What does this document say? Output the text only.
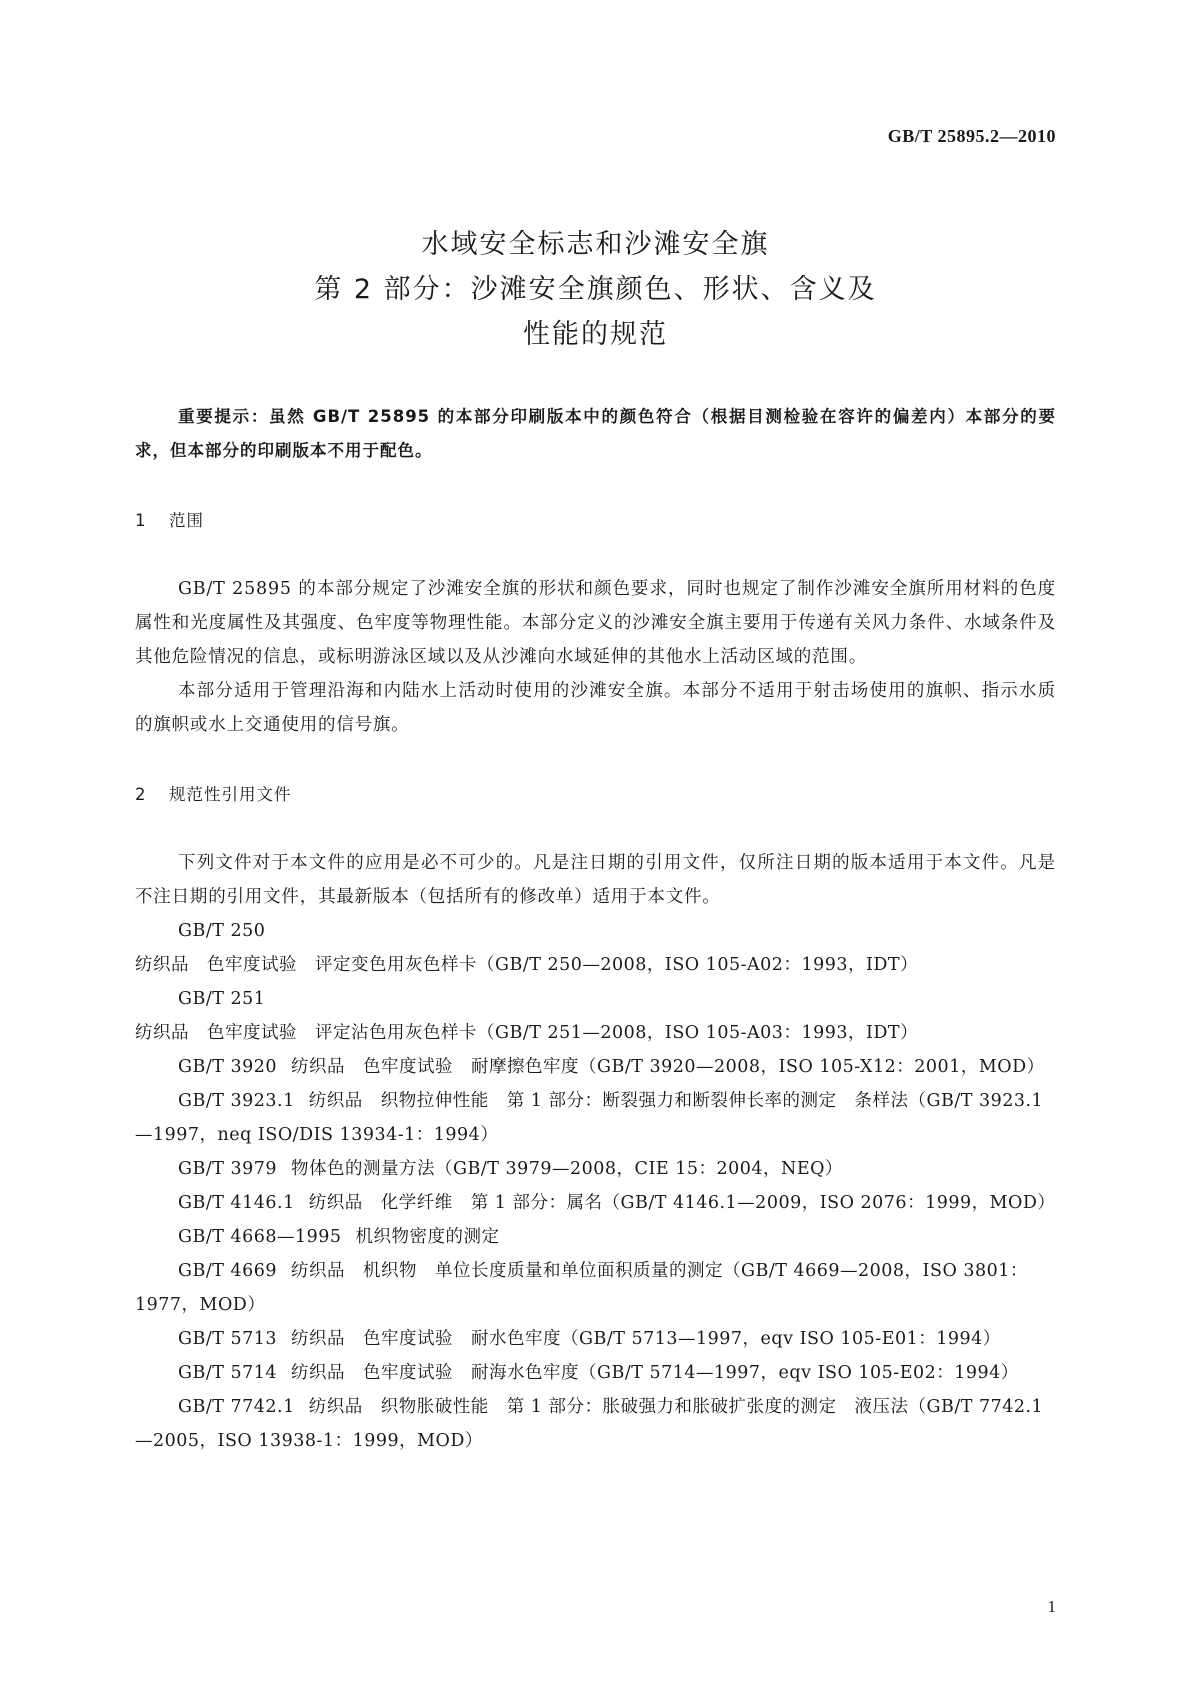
GB/T 25895.2—2010
水域安全标志和沙滩安全旗
第 2 部分：沙滩安全旗颜色、形状、含义及
性能的规范

重要提示：虽然 GB/T 25895 的本部分印刷版本中的颜色符合（根据目测检验在容许的偏差内）本部分的要求，但本部分的印刷版本不用于配色。

1 范围

GB/T 25895 的本部分规定了沙滩安全旗的形状和颜色要求，同时也规定了制作沙滩安全旗所用材料的色度属性和光度属性及其强度、色牢度等物理性能。本部分定义的沙滩安全旗主要用于传递有关风力条件、水域条件及其他危险情况的信息，或标明游泳区域以及从沙滩向水域延伸的其他水上活动区域的范围。

本部分适用于管理沿海和内陆水上活动时使用的沙滩安全旗。本部分不适用于射击场使用的旗帜、指示水质的旗帜或水上交通使用的信号旗。

2 规范性引用文件

下列文件对于本文件的应用是必不可少的。凡是注日期的引用文件，仅所注日期的版本适用于本文件。凡是不注日期的引用文件，其最新版本（包括所有的修改单）适用于本文件。

GB/T 250纺织品　色牢度试验　评定变色用灰色样卡（GB/T 250—2008，ISO 105-A02：1993，IDT）

GB/T 251纺织品　色牢度试验　评定沾色用灰色样卡（GB/T 251—2008，ISO 105-A03：1993，IDT）

GB/T 3920 纺织品　色牢度试验　耐摩擦色牢度（GB/T 3920—2008，ISO 105-X12：2001，MOD）

GB/T 3923.1 纺织品　织物拉伸性能　第 1 部分：断裂强力和断裂伸长率的测定　条样法（GB/T 3923.1—1997，neq ISO/DIS 13934-1：1994）

GB/T 3979 物体色的测量方法（GB/T 3979—2008，CIE 15：2004，NEQ）

GB/T 4146.1 纺织品　化学纤维　第 1 部分：属名（GB/T 4146.1—2009，ISO 2076：1999，MOD）

GB/T 4668—1995 机织物密度的测定

GB/T 4669 纺织品　机织物　单位长度质量和单位面积质量的测定（GB/T 4669—2008，ISO 3801：1977，MOD）

GB/T 5713 纺织品　色牢度试验　耐水色牢度（GB/T 5713—1997，eqv ISO 105-E01：1994）

GB/T 5714 纺织品　色牢度试验　耐海水色牢度（GB/T 5714—1997，eqv ISO 105-E02：1994）

GB/T 7742.1 纺织品　织物胀破性能　第 1 部分：胀破强力和胀破扩张度的测定　液压法（GB/T 7742.1—2005，ISO 13938-1：1999，MOD）

1
